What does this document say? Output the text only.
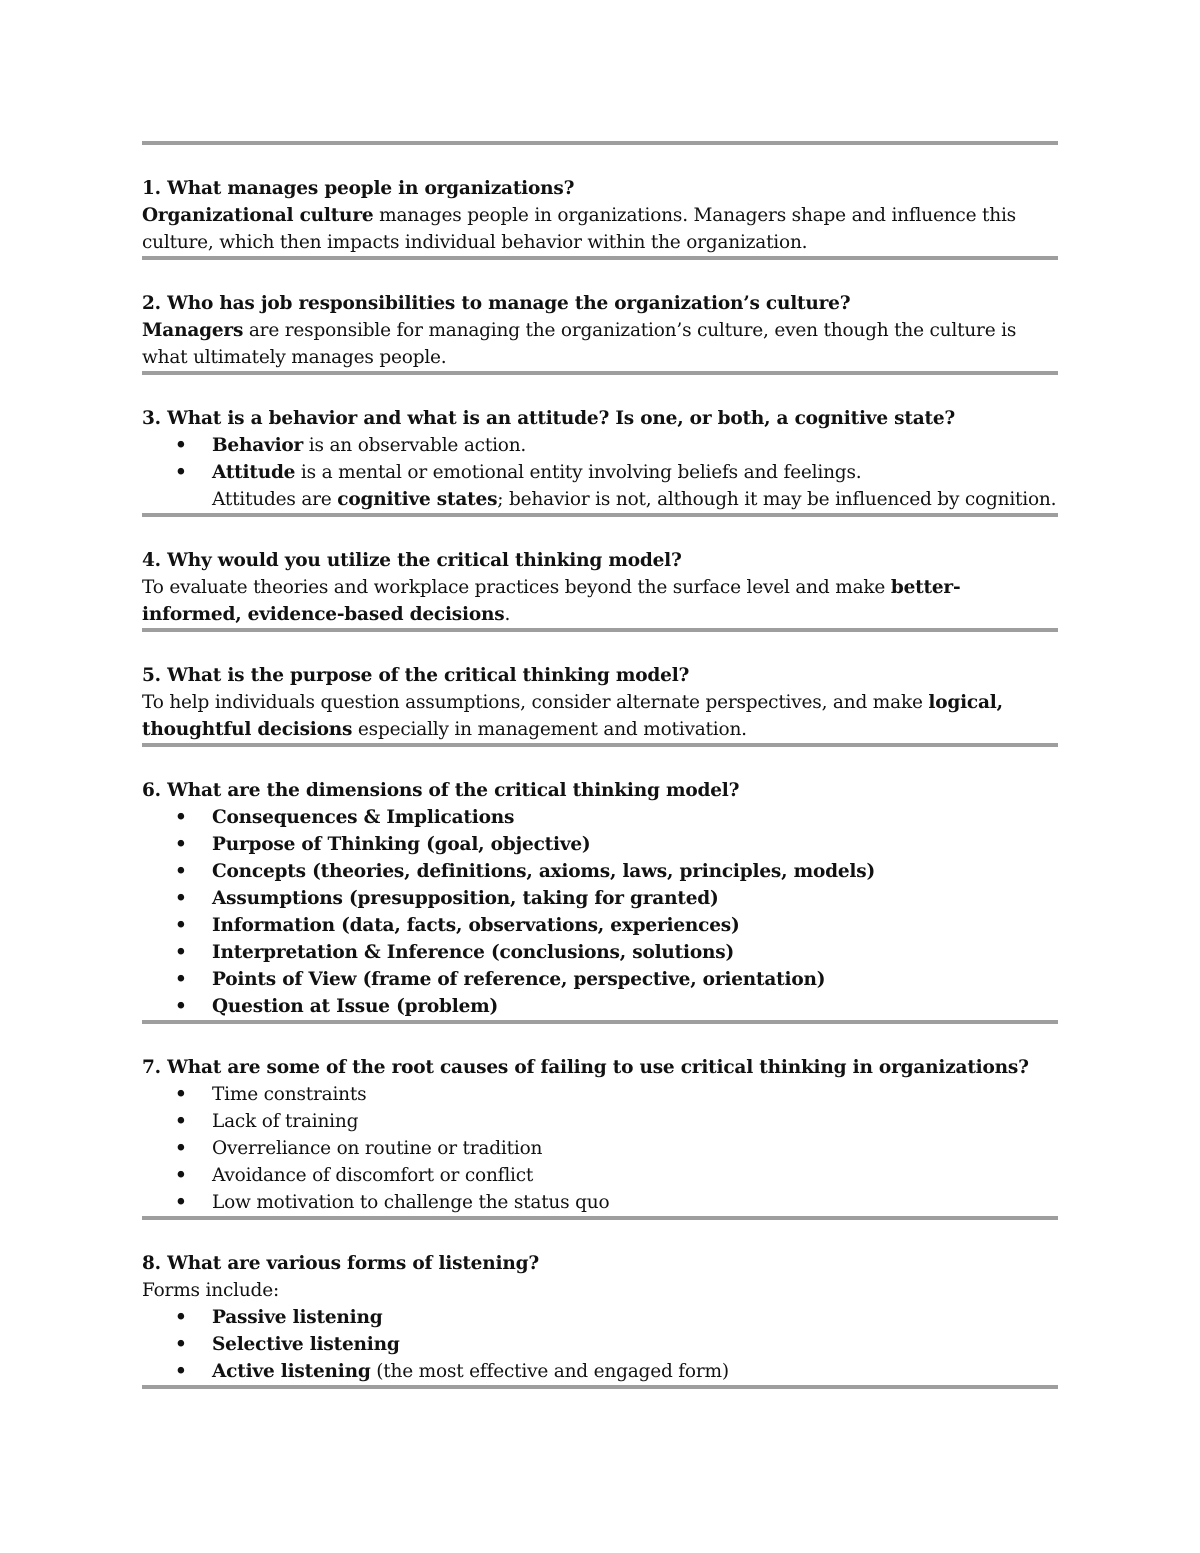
1. What manages people in organizations?

Organizational culture manages people in organizations. Managers shape and influence this culture, which then impacts individual behavior within the organization.

2. Who has job responsibilities to manage the organization’s culture?

Managers are responsible for managing the organization’s culture, even though the culture is what ultimately manages people.

3. What is a behavior and what is an attitude? Is one, or both, a cognitive state?

•	Behavior is an observable action.
•	Attitude is a mental or emotional entity involving beliefs and feelings.
Attitudes are cognitive states; behavior is not, although it may be influenced by cognition.

4. Why would you utilize the critical thinking model?

To evaluate theories and workplace practices beyond the surface level and make better-informed, evidence-based decisions.

5. What is the purpose of the critical thinking model?

To help individuals question assumptions, consider alternate perspectives, and make logical, thoughtful decisions especially in management and motivation.

6. What are the dimensions of the critical thinking model?

•	Consequences & Implications
•	Purpose of Thinking (goal, objective)
•	Concepts (theories, definitions, axioms, laws, principles, models)
•	Assumptions (presupposition, taking for granted)
•	Information (data, facts, observations, experiences)
•	Interpretation & Inference (conclusions, solutions)
•	Points of View (frame of reference, perspective, orientation)
•	Question at Issue (problem)

7. What are some of the root causes of failing to use critical thinking in organizations?

•	Time constraints
•	Lack of training
•	Overreliance on routine or tradition
•	Avoidance of discomfort or conflict
•	Low motivation to challenge the status quo

8. What are various forms of listening?

Forms include:

•	Passive listening
•	Selective listening
•	Active listening (the most effective and engaged form)
